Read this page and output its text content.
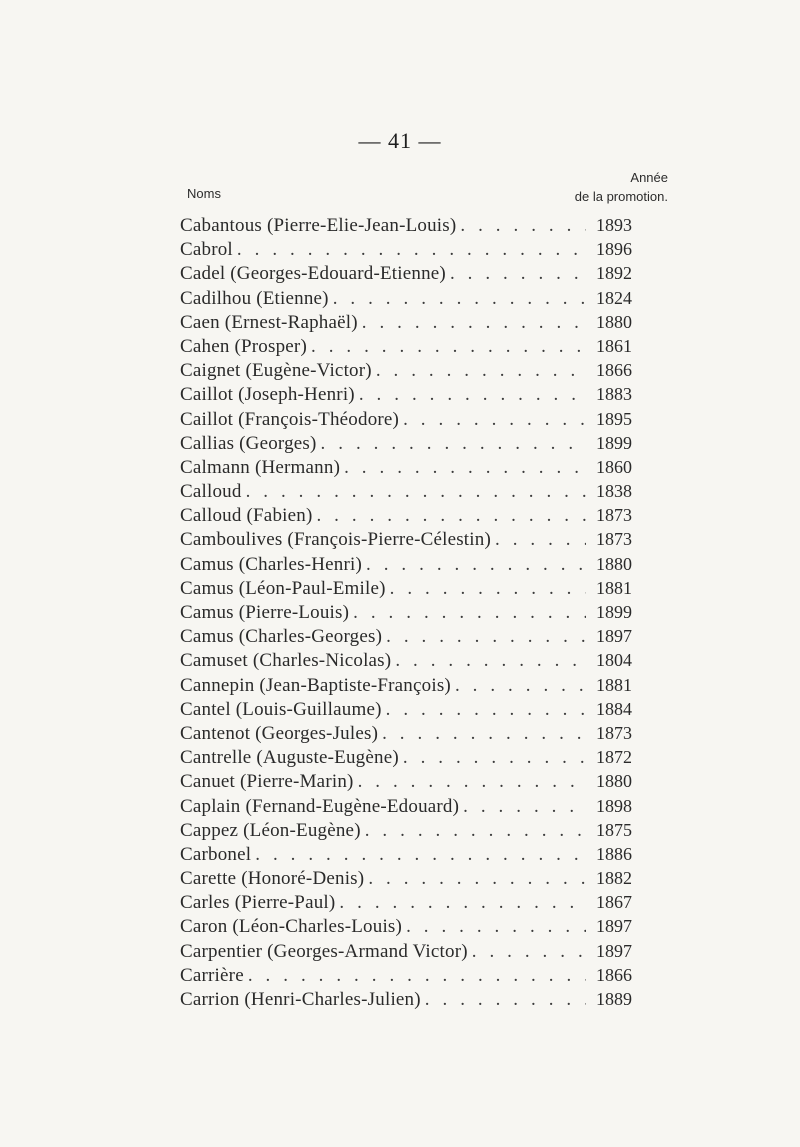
— 41 —
Noms
Année
de la promotion.
Cabantous (Pierre-Elie-Jean-Louis) . . .	1893
Cabrol . . .	1896
Cadel (Georges-Edouard-Etienne) . . .	1892
Cadilhou (Etienne) . . .	1824
Caen (Ernest-Raphaël) . . .	1880
Cahen (Prosper) . . .	1861
Caignet (Eugène-Victor) . . .	1866
Caillot (Joseph-Henri) . . .	1883
Caillot (François-Théodore) . . .	1895
Callias (Georges) . . .	1899
Calmann (Hermann) . . .	1860
Calloud . . .	1838
Calloud (Fabien) . . .	1873
Camboulives (François-Pierre-Célestin) . . .	1873
Camus (Charles-Henri) . . .	1880
Camus (Léon-Paul-Emile) . . .	1881
Camus (Pierre-Louis) . . .	1899
Camus (Charles-Georges) . . .	1897
Camuset (Charles-Nicolas) . . .	1804
Cannepin (Jean-Baptiste-François) . . .	1881
Cantel (Louis-Guillaume) . . .	1884
Cantenot (Georges-Jules) . . .	1873
Cantrelle (Auguste-Eugène) . . .	1872
Canuet (Pierre-Marin) . . .	1880
Caplain (Fernand-Eugène-Edouard) . . .	1898
Cappez (Léon-Eugène) . . .	1875
Carbonel . . .	1886
Carette (Honoré-Denis) . . .	1882
Carles (Pierre-Paul) . . .	1867
Caron (Léon-Charles-Louis) . . .	1897
Carpentier (Georges-Armand Victor) . . .	1897
Carrière . . .	1866
Carrion (Henri-Charles-Julien) . . .	1889
